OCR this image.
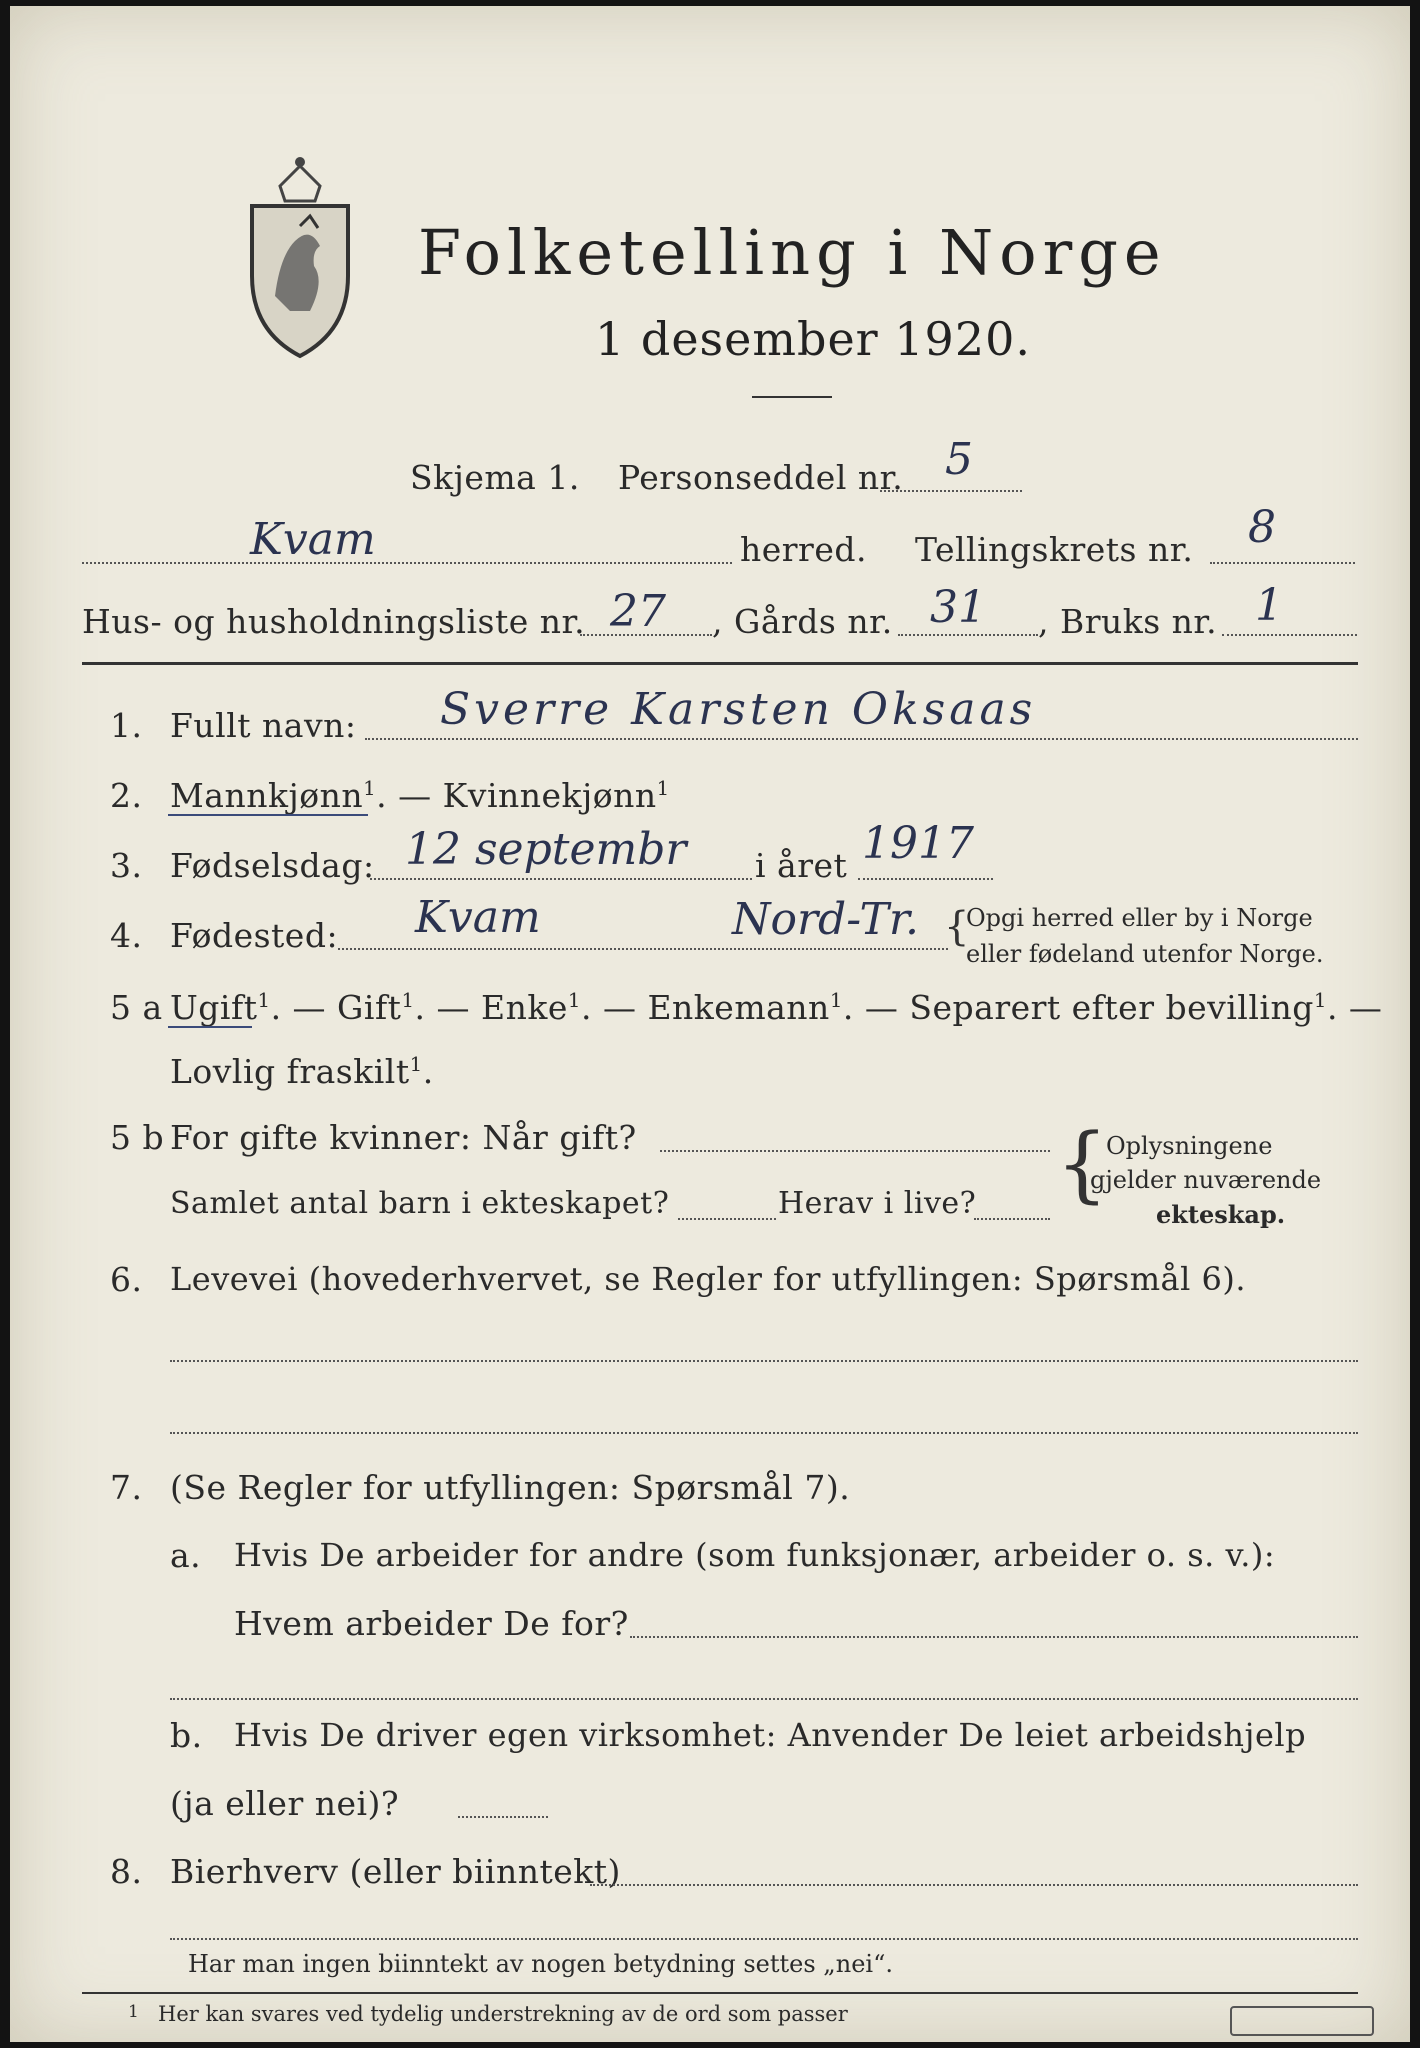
Folketelling i Norge
1 desember 1920.
Skjema 1. Personseddel nr. 5
Kvam	herred. Tellingskrets nr. 8
Hus- og husholdningsliste nr. 27 , Gårds nr. 31 , Bruks nr. 1
1. Fullt navn: Sverre Karsten Oksaas
2. Mannkjønn$^1$. — Kvinnekjønn$^1$
3. Fødselsdag: 12 septembr i året 1917
4. Fødested: Kvam	Nord-Tr. {
Opgi herred eller by i Norge
eller fødeland utenfor Norge.
5 a Ugift$^1$. — Gift$^1$. — Enke$^1$. — Enkemann$^1$. — Separert efter bevilling$^1$. —
Lovlig fraskilt$^1$.
5 b For gifte kvinner: Når gift?
Samlet antal barn i ekteskapet?	Herav i live? {
Oplysningene
gjelder nuværende
ekteskap.
6. Levevei (hovederhvervet, se Regler for utfyllingen: Spørsmål 6).
7. (Se Regler for utfyllingen: Spørsmål 7).
a. Hvis De arbeider for andre (som funksjonær, arbeider o. s. v.):
Hvem arbeider De for?
b. Hvis De driver egen virksomhet: Anvender De leiet arbeidshjelp
(ja eller nei)?
8. Bierhverv (eller biinntekt)
Har man ingen biinntekt av nogen betydning settes „nei“.
1 Her kan svares ved tydelig understrekning av de ord som passer
